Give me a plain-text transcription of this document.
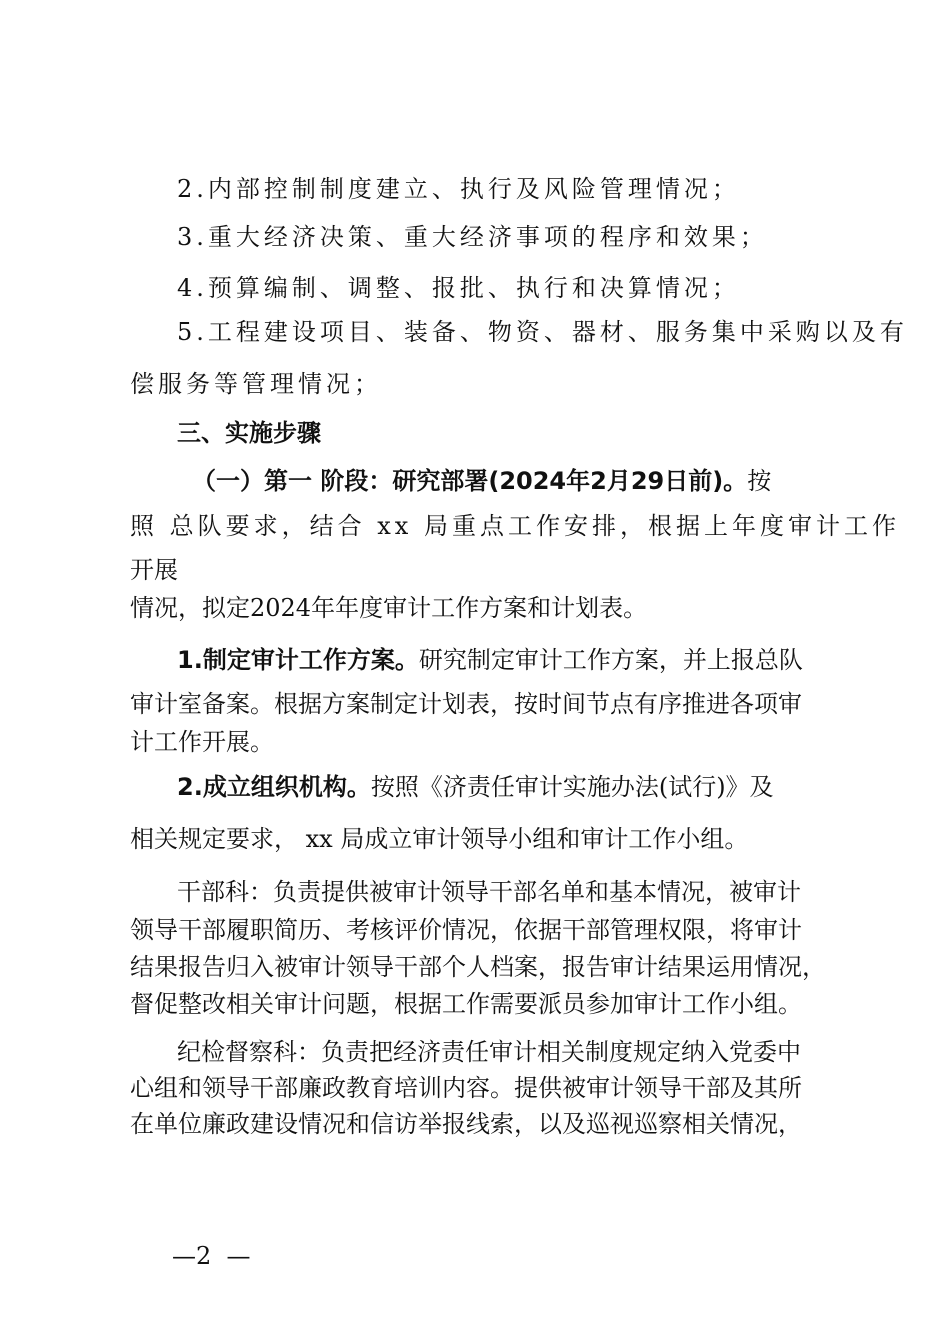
2.内部控制制度建立、执行及风险管理情况；
3.重大经济决策、重大经济事项的程序和效果；
4.预算编制、调整、报批、执行和决算情况；
5.工程建设项目、装备、物资、器材、服务集中采购以及有
偿服务等管理情况；
三、实施步骤
（一）第一 阶段：研究部署(2024年2月29日前)。按
照 总队要求，结合 xx 局重点工作安排，根据上年度审计工作
开展
情况，拟定2024年年度审计工作方案和计划表。
1.制定审计工作方案。研究制定审计工作方案，并上报总队
审计室备案。根据方案制定计划表，按时间节点有序推进各项审
计工作开展。
2.成立组织机构。按照《济责任审计实施办法(试行)》及
相关规定要求， xx 局成立审计领导小组和审计工作小组。
干部科：负责提供被审计领导干部名单和基本情况，被审计
领导干部履职简历、考核评价情况，依据干部管理权限，将审计
结果报告归入被审计领导干部个人档案，报告审计结果运用情况，
督促整改相关审计问题，根据工作需要派员参加审计工作小组。
纪检督察科：负责把经济责任审计相关制度规定纳入党委中
心组和领导干部廉政教育培训内容。提供被审计领导干部及其所
在单位廉政建设情况和信访举报线索，以及巡视巡察相关情况，
—2  —
